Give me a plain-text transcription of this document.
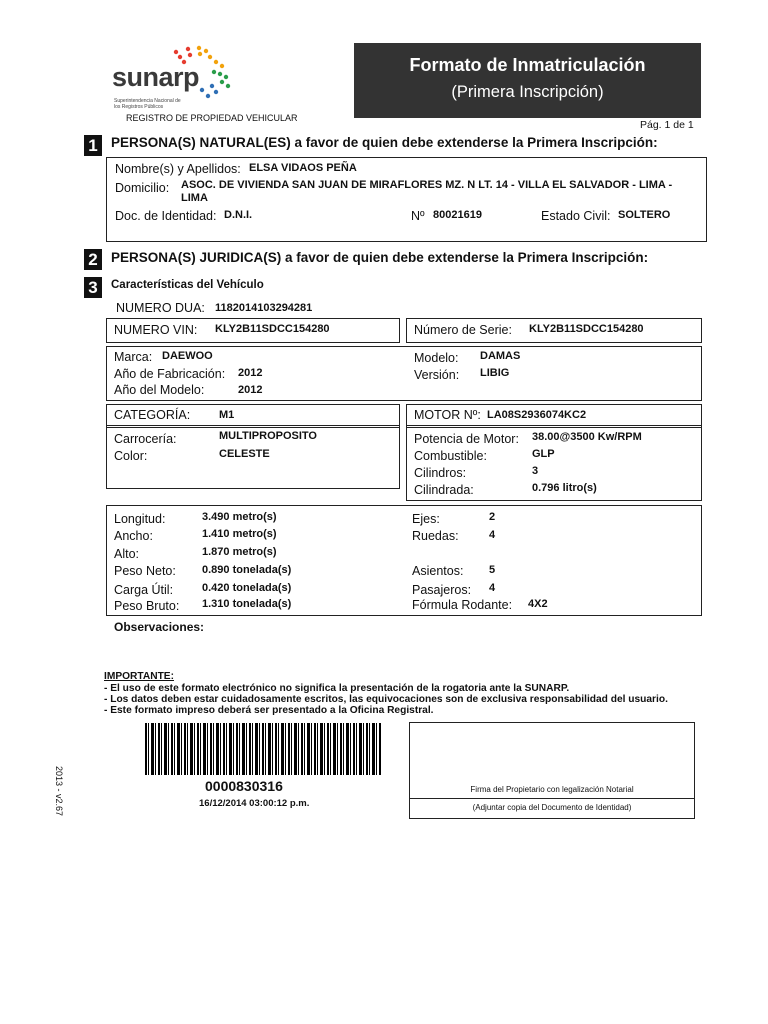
sunarp
Superintendencia Nacional de los Registros Públicos
REGISTRO DE PROPIEDAD VEHICULAR
Formato de Inmatriculación
(Primera Inscripción)
Pág. 1 de 1
1 PERSONA(S) NATURAL(ES) a favor de quien debe extenderse la Primera Inscripción:
Nombre(s) y Apellidos: ELSA VIDAOS PEÑA
Domicilio: ASOC. DE VIVIENDA SAN JUAN DE MIRAFLORES MZ. N LT. 14 - VILLA EL SALVADOR - LIMA -
LIMA
Doc. de Identidad: D.N.I.	Nº 80021619	Estado Civil: SOLTERO
2 PERSONA(S) JURIDICA(S) a favor de quien debe extenderse la Primera Inscripción:
3	Características del Vehículo
NUMERO DUA: 1182014103294281
NUMERO VIN: KLY2B11SDCC154280	Número de Serie: KLY2B11SDCC154280
Marca: DAEWOO
Año de Fabricación: 2012
Año del Modelo:	2012
Modelo: DAMAS
Versión: LIBIG
CATEGORÍA:	M1
Carrocería:	MULTIPROPOSITO
Color:	CELESTE
MOTOR Nº: LA08S2936074KC2
Potencia de Motor: 38.00@3500 Kw/RPM
Combustible:	GLP
Cilindros:	3
Cilindrada:	0.796 litro(s)
Longitud:	3.490 metro(s)
Ancho:	1.410 metro(s)
Alto:	1.870 metro(s)
Peso Neto: 0.890 tonelada(s)
Carga Útil:	0.420 tonelada(s)
Peso Bruto: 1.310 tonelada(s)
Ejes:	2
Ruedas:	4
Asientos: 5
Pasajeros: 4
Fórmula Rodante: 4X2
Observaciones:
IMPORTANTE:
- El uso de este formato electrónico no significa la presentación de la rogatoria ante la SUNARP.
- Los datos deben estar cuidadosamente escritos, las equivocaciones son de exclusiva responsabilidad del usuario.
- Este formato impreso deberá ser presentado a la Oficina Registral.
2013 - v2.67	0000830316
16/12/2014 03:00:12 p.m.
Firma del Propietario con legalización Notarial
(Adjuntar copia del Documento de Identidad)
